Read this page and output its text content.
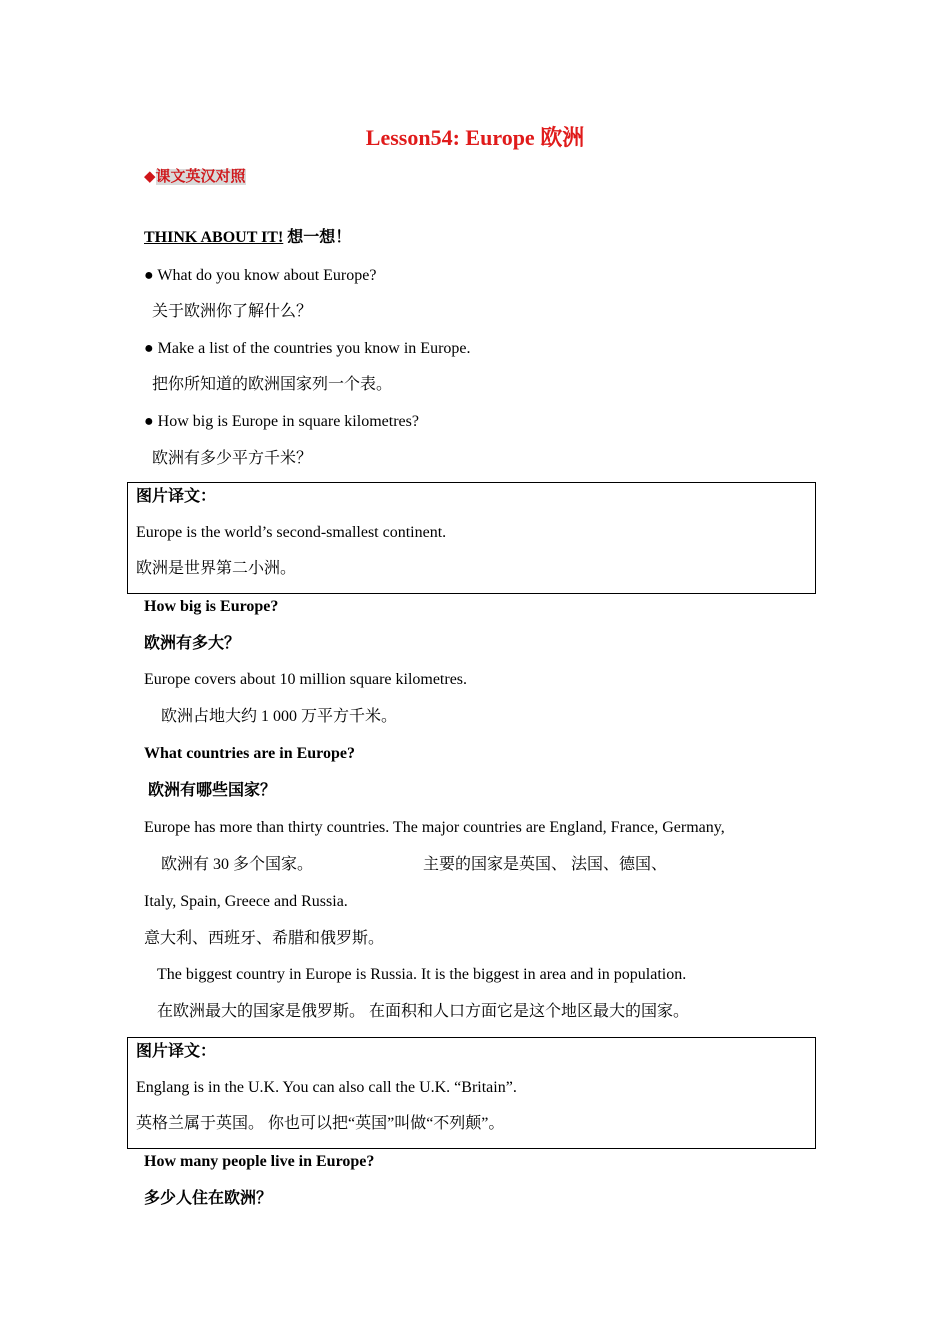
Lesson54: Europe 欧洲
◆课文英汉对照
THINK ABOUT IT! 想一想！
● What do you know about Europe?
关于欧洲你了解什么？
● Make a list of the countries you know in Europe.
把你所知道的欧洲国家列一个表。
● How big is Europe in square kilometres?
欧洲有多少平方千米？
图片译文：
Europe is the world’s second-smallest continent.
欧洲是世界第二小洲。
How big is Europe?
欧洲有多大？
Europe covers about 10 million square kilometres.
欧洲占地大约 1 000 万平方千米。
What countries are in Europe?
欧洲有哪些国家？
Europe has more than thirty countries. The major countries are England, France, Germany,
欧洲有 30 多个国家。	主要的国家是英国、 法国、德国、
Italy, Spain, Greece and Russia.
意大利、西班牙、希腊和俄罗斯。
The biggest country in Europe is Russia. It is the biggest in area and in population.
在欧洲最大的国家是俄罗斯。 在面积和人口方面它是这个地区最大的国家。
图片译文：
Englang is in the U.K. You can also call the U.K. “Britain”.
英格兰属于英国。 你也可以把“英国”叫做“不列颠”。
How many people live in Europe?
多少人住在欧洲？
